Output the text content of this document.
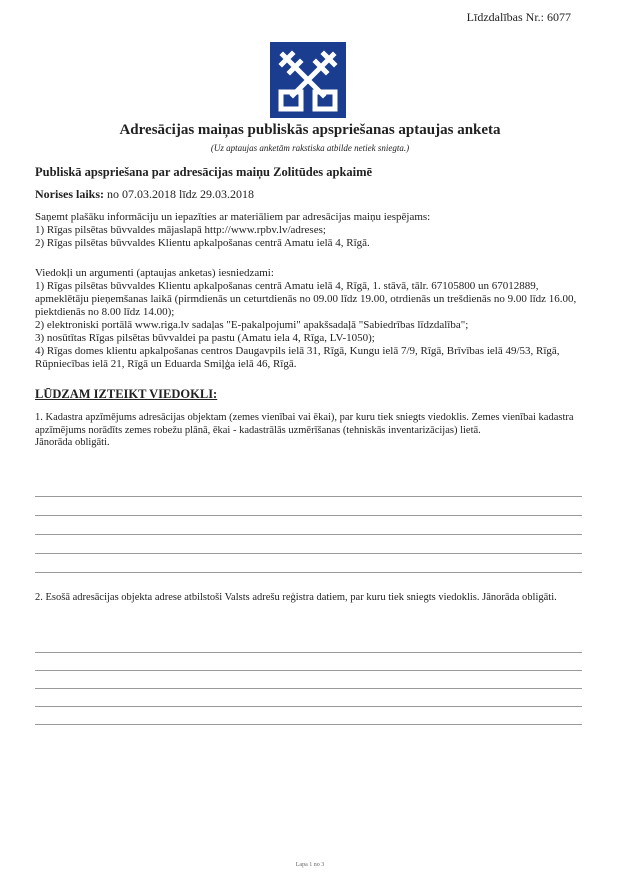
Līdzdalības Nr.: 6077
Adresācijas maiņas publiskās apspriešanas aptaujas anketa
(Uz aptaujas anketām rakstiska atbilde netiek sniegta.)
Publiskā apspriešana par adresācijas maiņu Zolitūdes apkaimē
Norises laiks: no 07.03.2018 līdz 29.03.2018

Saņemt plašāku informāciju un iepazīties ar materiāliem par adresācijas maiņu iespējams:

1) Rīgas pilsētas būvvaldes mājaslapā http://www.rpbv.lv/adreses;

2) Rīgas pilsētas būvvaldes Klientu apkalpošanas centrā Amatu ielā 4, Rīgā.

Viedokļi un argumenti (aptaujas anketas) iesniedzami:

1) Rīgas pilsētas būvvaldes Klientu apkalpošanas centrā Amatu ielā 4, Rīgā, 1. stāvā, tālr. 67105800 un 67012889, apmeklētāju pieņemšanas laikā (pirmdienās un ceturtdienās no 09.00 līdz 19.00, otrdienās un trešdienās no 9.00 līdz 16.00, piektdienās no 8.00 līdz 14.00);

2) elektroniski portālā www.riga.lv sadaļas "E-pakalpojumi" apakšsadaļā "Sabiedrības līdzdalība";

3) nosūtītas Rīgas pilsētas būvvaldei pa pastu (Amatu iela 4, Rīga, LV-1050);

4) Rīgas domes klientu apkalpošanas centros Daugavpils ielā 31, Rīgā, Kungu ielā 7/9, Rīgā, Brīvības ielā 49/53, Rīgā, Rūpniecības ielā 21, Rīgā un Eduarda Smiļģa ielā 46, Rīgā.

LŪDZAM IZTEIKT VIEDOKLI:

1. Kadastra apzīmējums adresācijas objektam (zemes vienībai vai ēkai), par kuru tiek sniegts viedoklis. Zemes vienībai kadastra apzīmējums norādīts zemes robežu plānā, ēkai - kadastrālās uzmērīšanas (tehniskās inventarizācijas) lietā.

Jānorāda obligāti.

2. Esošā adresācijas objekta adrese atbilstoši Valsts adrešu reģistra datiem, par kuru tiek sniegts viedoklis. Jānorāda obligāti.

Lapa 1 no 3
